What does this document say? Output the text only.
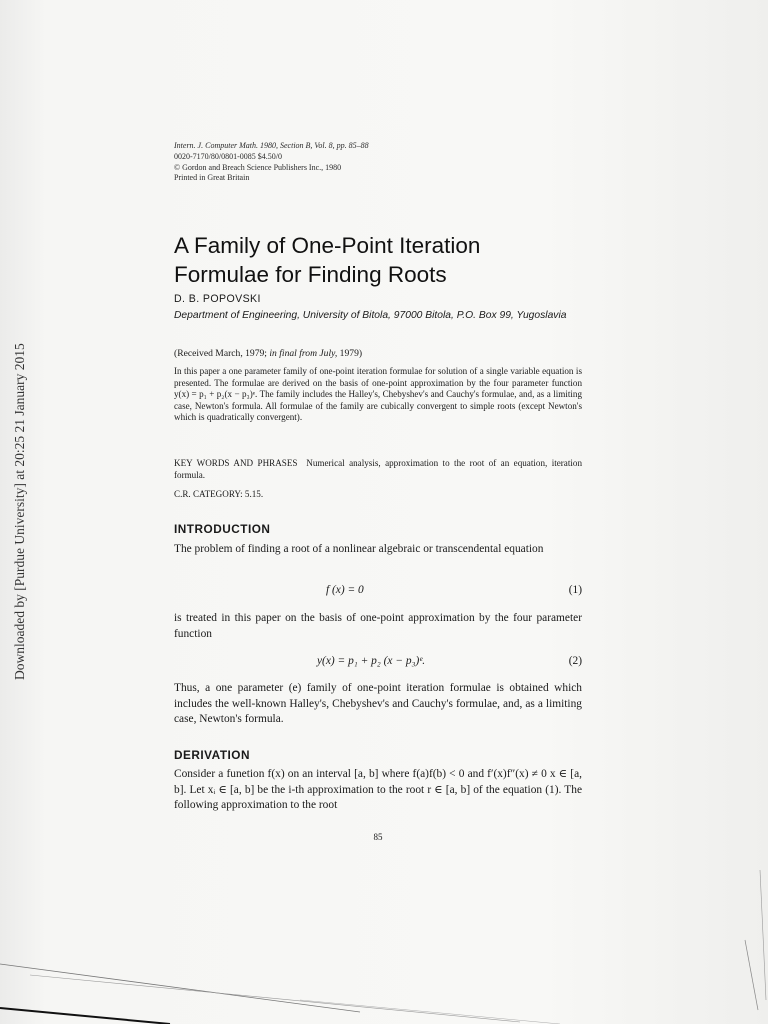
Downloaded by [Purdue University] at 20:25 21 January 2015
Intern. J. Computer Math. 1980, Section B, Vol. 8, pp. 85–88
0020-7170/80/0801-0085 $4.50/0
© Gordon and Breach Science Publishers Inc., 1980
Printed in Great Britain
A Family of One-Point Iteration
Formulae for Finding Roots
D. B. POPOVSKI
Department of Engineering, University of Bitola, 97000 Bitola, P.O. Box 99, Yugoslavia
(Received March, 1979; in final from July, 1979)
In this paper a one parameter family of one-point iteration formulae for solution of a single variable equation is presented. The formulae are derived on the basis of one-point approximation by the four parameter function y(x) = p₁ + p₂(x − p₃)ᵉ. The family includes the Halley's, Chebyshev's and Cauchy's formulae, and, as a limiting case, Newton's formula. All formulae of the family are cubically convergent to simple roots (except Newton's which is quadratically convergent).
KEY WORDS AND PHRASES Numerical analysis, approximation to the root of an equation, iteration formula.
C.R. CATEGORY: 5.15.
INTRODUCTION
The problem of finding a root of a nonlinear algebraic or transcendental equation
f (x) = 0	(1)
is treated in this paper on the basis of one-point approximation by the four parameter function
y(x) = p₁ + p₂ (x − p₃)ᵉ.	(2)
Thus, a one parameter (e) family of one-point iteration formulae is obtained which includes the well-known Halley's, Chebyshev's and Cauchy's formulae, and, as a limiting case, Newton's formula.
DERIVATION
Consider a funetion f(x) on an interval [a, b] where f(a)f(b) < 0 and f′(x)f″(x) ≠ 0 x ∈ [a, b]. Let xᵢ ∈ [a, b] be the i-th approximation to the root r ∈ [a, b] of the equation (1). The following approximation to the root
85
